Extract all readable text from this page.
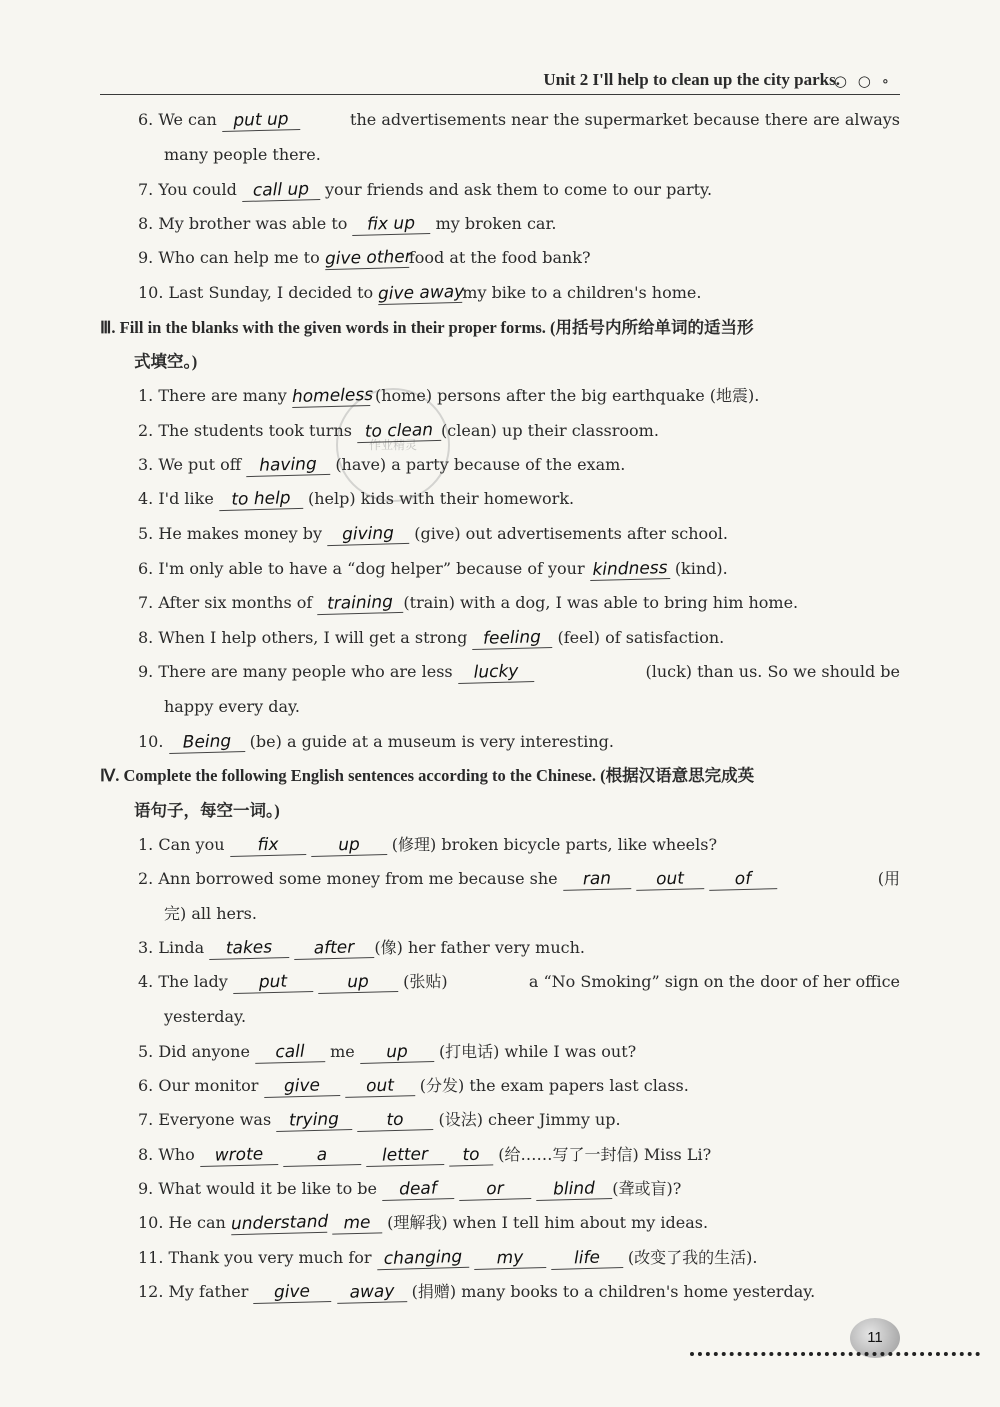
Unit 2 I'll help to clean up the city parks.
○ ○ ∘
6. We can put up	the advertisements near the supermarket because there are always
many people there.
7. You could call up your friends and ask them to come to our party.
8. My brother was able to fix up my broken car.
9. Who can help me to give otherfood at the food bank?
10. Last Sunday, I decided to give awaymy bike to a children's home.
Ⅲ. Fill in the blanks with the given words in their proper forms. (用括号内所给单词的适当形
式填空。)
作业精灵
1. There are many homeless (home) persons after the big earthquake (地震).
2. The students took turns to clean (clean) up their classroom.
3. We put off having (have) a party because of the exam.
4. I'd like to help (help) kids with their homework.
5. He makes money by giving (give) out advertisements after school.
6. I'm only able to have a “dog helper” because of your kindness (kind).
7. After six months of training (train) with a dog, I was able to bring him home.
8. When I help others, I will get a strong feeling (feel) of satisfaction.
9. There are many people who are less lucky	(luck) than us. So we should be
happy every day.
10. Being (be) a guide at a museum is very interesting.
Ⅳ. Complete the following English sentences according to the Chinese. (根据汉语意思完成英
语句子，每空一词。)
1. Can you fix	up (修理) broken bicycle parts, like wheels?
2. Ann borrowed some money from me because she ran	out	of	(用
完) all hers.
3. Linda takes after (像) her father very much.
4. The lady put	up (张贴)	a “No Smoking” sign on the door of her office
yesterday.
5. Did anyone call me up (打电话) while I was out?
6. Our monitor give	out (分发) the exam papers last class.
7. Everyone was trying	to (设法) cheer Jimmy up.
8. Who wrote	a	letter to (给……写了一封信) Miss Li?
9. What would it be like to be deaf	or	blind (聋或盲)?
10. He can understand me (理解我) when I tell him about my ideas.
11. Thank you very much for changing my	life (改变了我的生活).
12. My father give away (捐赠) many books to a children's home yesterday.
11
